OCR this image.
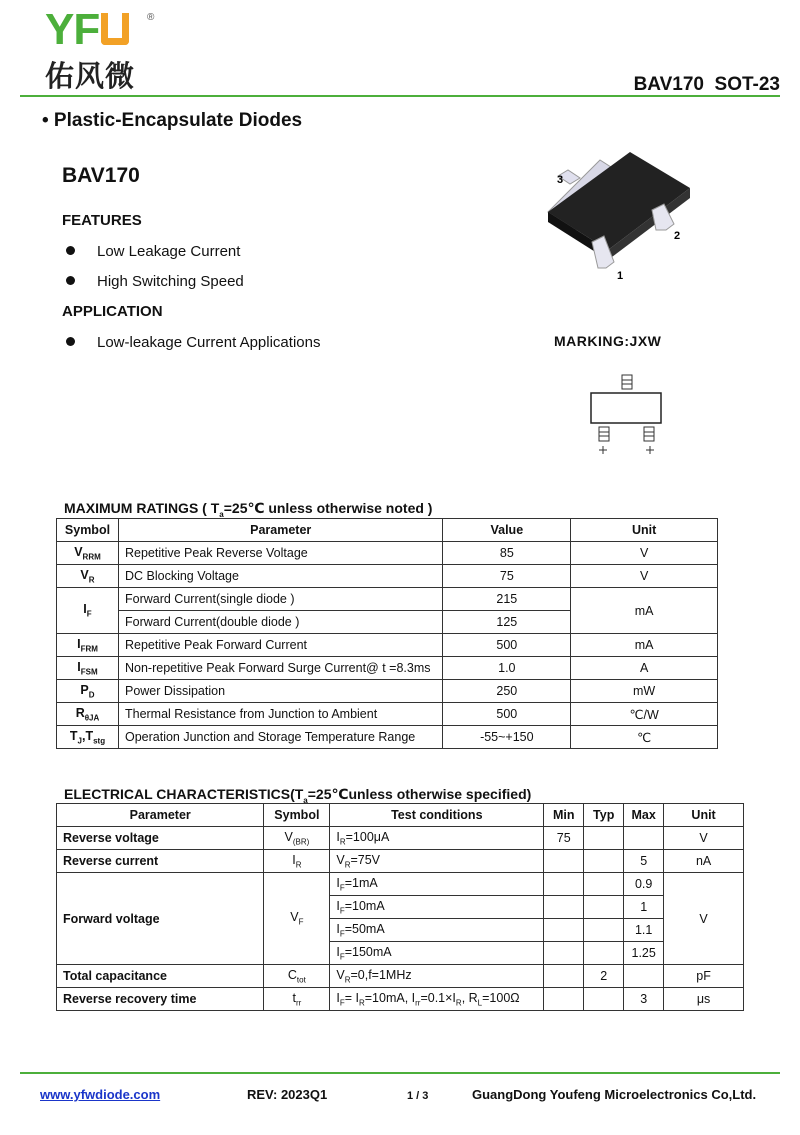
YF	®
佑风微	BAV170  SOT-23
• Plastic-Encapsulate Diodes
BAV170
FEATURES
Low Leakage Current
High Switching Speed
APPLICATION
Low-leakage Current Applications
3
2
1
MARKING:JXW
MAXIMUM RATINGS ( $T_a=25℃$ unless otherwise noted )
Symbol	Parameter	Value	Unit
$V_{RRM}$	Repetitive Peak Reverse Voltage	85	V
$V_R$	DC Blocking Voltage	75	V
$I_F$	Forward Current(single diode )	215	mA
	Forward Current(double diode )	125	
$I_{FRM}$	Repetitive Peak Forward Current	500	mA
$I_{FSM}$	Non-repetitive Peak Forward Surge Current@ t =8.3ms	1.0	A
$P_D$	Power Dissipation	250	mW
$R_{\theta JA}$	Thermal Resistance from Junction to Ambient	500	℃/W
$T_J,T_{stg}$	Operation Junction and Storage Temperature Range	-55~+150	℃
ELECTRICAL $CHARACTERISTICS(T_a=25℃unless$ otherwise specified)
Parameter	Symbol	Test conditions	Min	Typ	Max	Unit
Reverse voltage	$V_{(BR)}$	$I_R=100\mu A$	75			V
Reverse current	$I_R$	$V_R=75V$			5	nA
Forward voltage	$V_F$	$I_F=1mA$			0.9	V
		$I_F=10mA$			1	
		$I_F=50mA$			1.1	
		$I_F=150mA$			1.25	
Total capacitance	$C_{tot}$	$V_R=0,f=1MHz$		2		pF
Reverse recovery time	$t_{rr}$	$I_F= I_R=10mA$, $I_{rr}=0.1\times I_R$, $R_L=100\Omega$			3	μs
www.yfwdiode.com	REV: 2023Q1	1 / 3	GuangDong Youfeng Microelectronics Co,Ltd.
